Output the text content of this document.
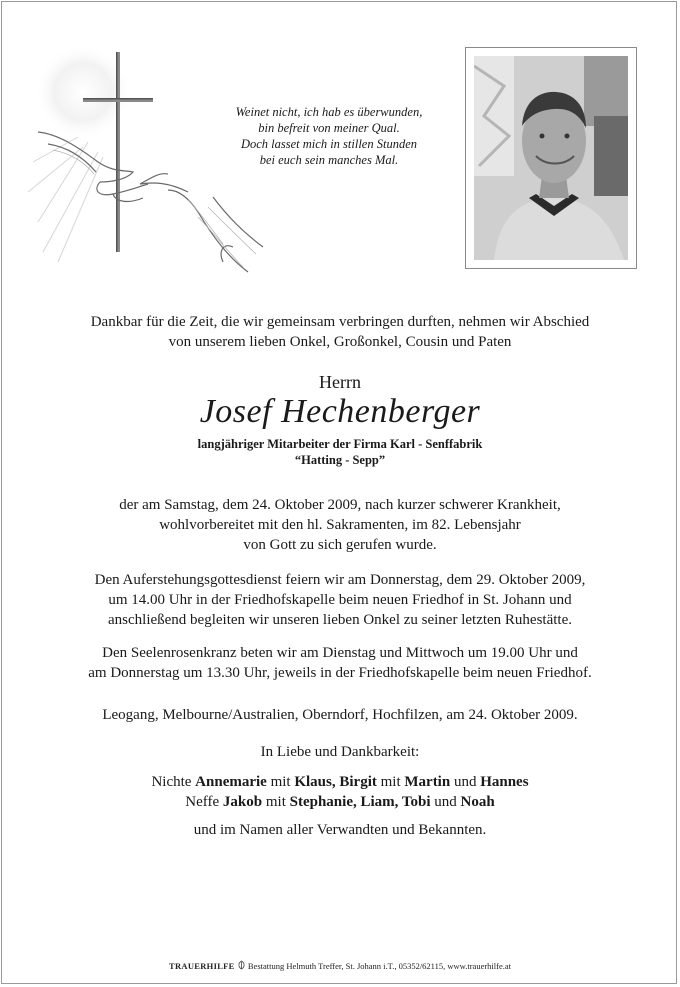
Weinet nicht, ich hab es überwunden,
bin befreit von meiner Qual.
Doch lasset mich in stillen Stunden
bei euch sein manches Mal.
Dankbar für die Zeit, die wir gemeinsam verbringen durften, nehmen wir Abschied
von unserem lieben Onkel, Großonkel, Cousin und Paten
Herrn
Josef Hechenberger
langjähriger Mitarbeiter der Firma Karl - Senffabrik
“Hatting - Sepp”
der am Samstag, dem 24. Oktober 2009, nach kurzer schwerer Krankheit,
wohlvorbereitet mit den hl. Sakramenten, im 82. Lebensjahr
von Gott zu sich gerufen wurde.
Den Auferstehungsgottesdienst feiern wir am Donnerstag, dem 29. Oktober 2009,
um 14.00 Uhr in der Friedhofskapelle beim neuen Friedhof in St. Johann und
anschließend begleiten wir unseren lieben Onkel zu seiner letzten Ruhestätte.
Den Seelenrosenkranz beten wir am Dienstag und Mittwoch um 19.00 Uhr und
am Donnerstag um 13.30 Uhr, jeweils in der Friedhofskapelle beim neuen Friedhof.
Leogang, Melbourne/Australien, Oberndorf, Hochfilzen, am 24. Oktober 2009.
In Liebe und Dankbarkeit:
Nichte Annemarie mit Klaus, Birgit mit Martin und Hannes
Neffe Jakob mit Stephanie, Liam, Tobi und Noah
und im Namen aller Verwandten und Bekannten.
TRAUERHILFE Bestattung Helmuth Treffer, St. Johann i.T., 05352/62115, www.trauerhilfe.at
